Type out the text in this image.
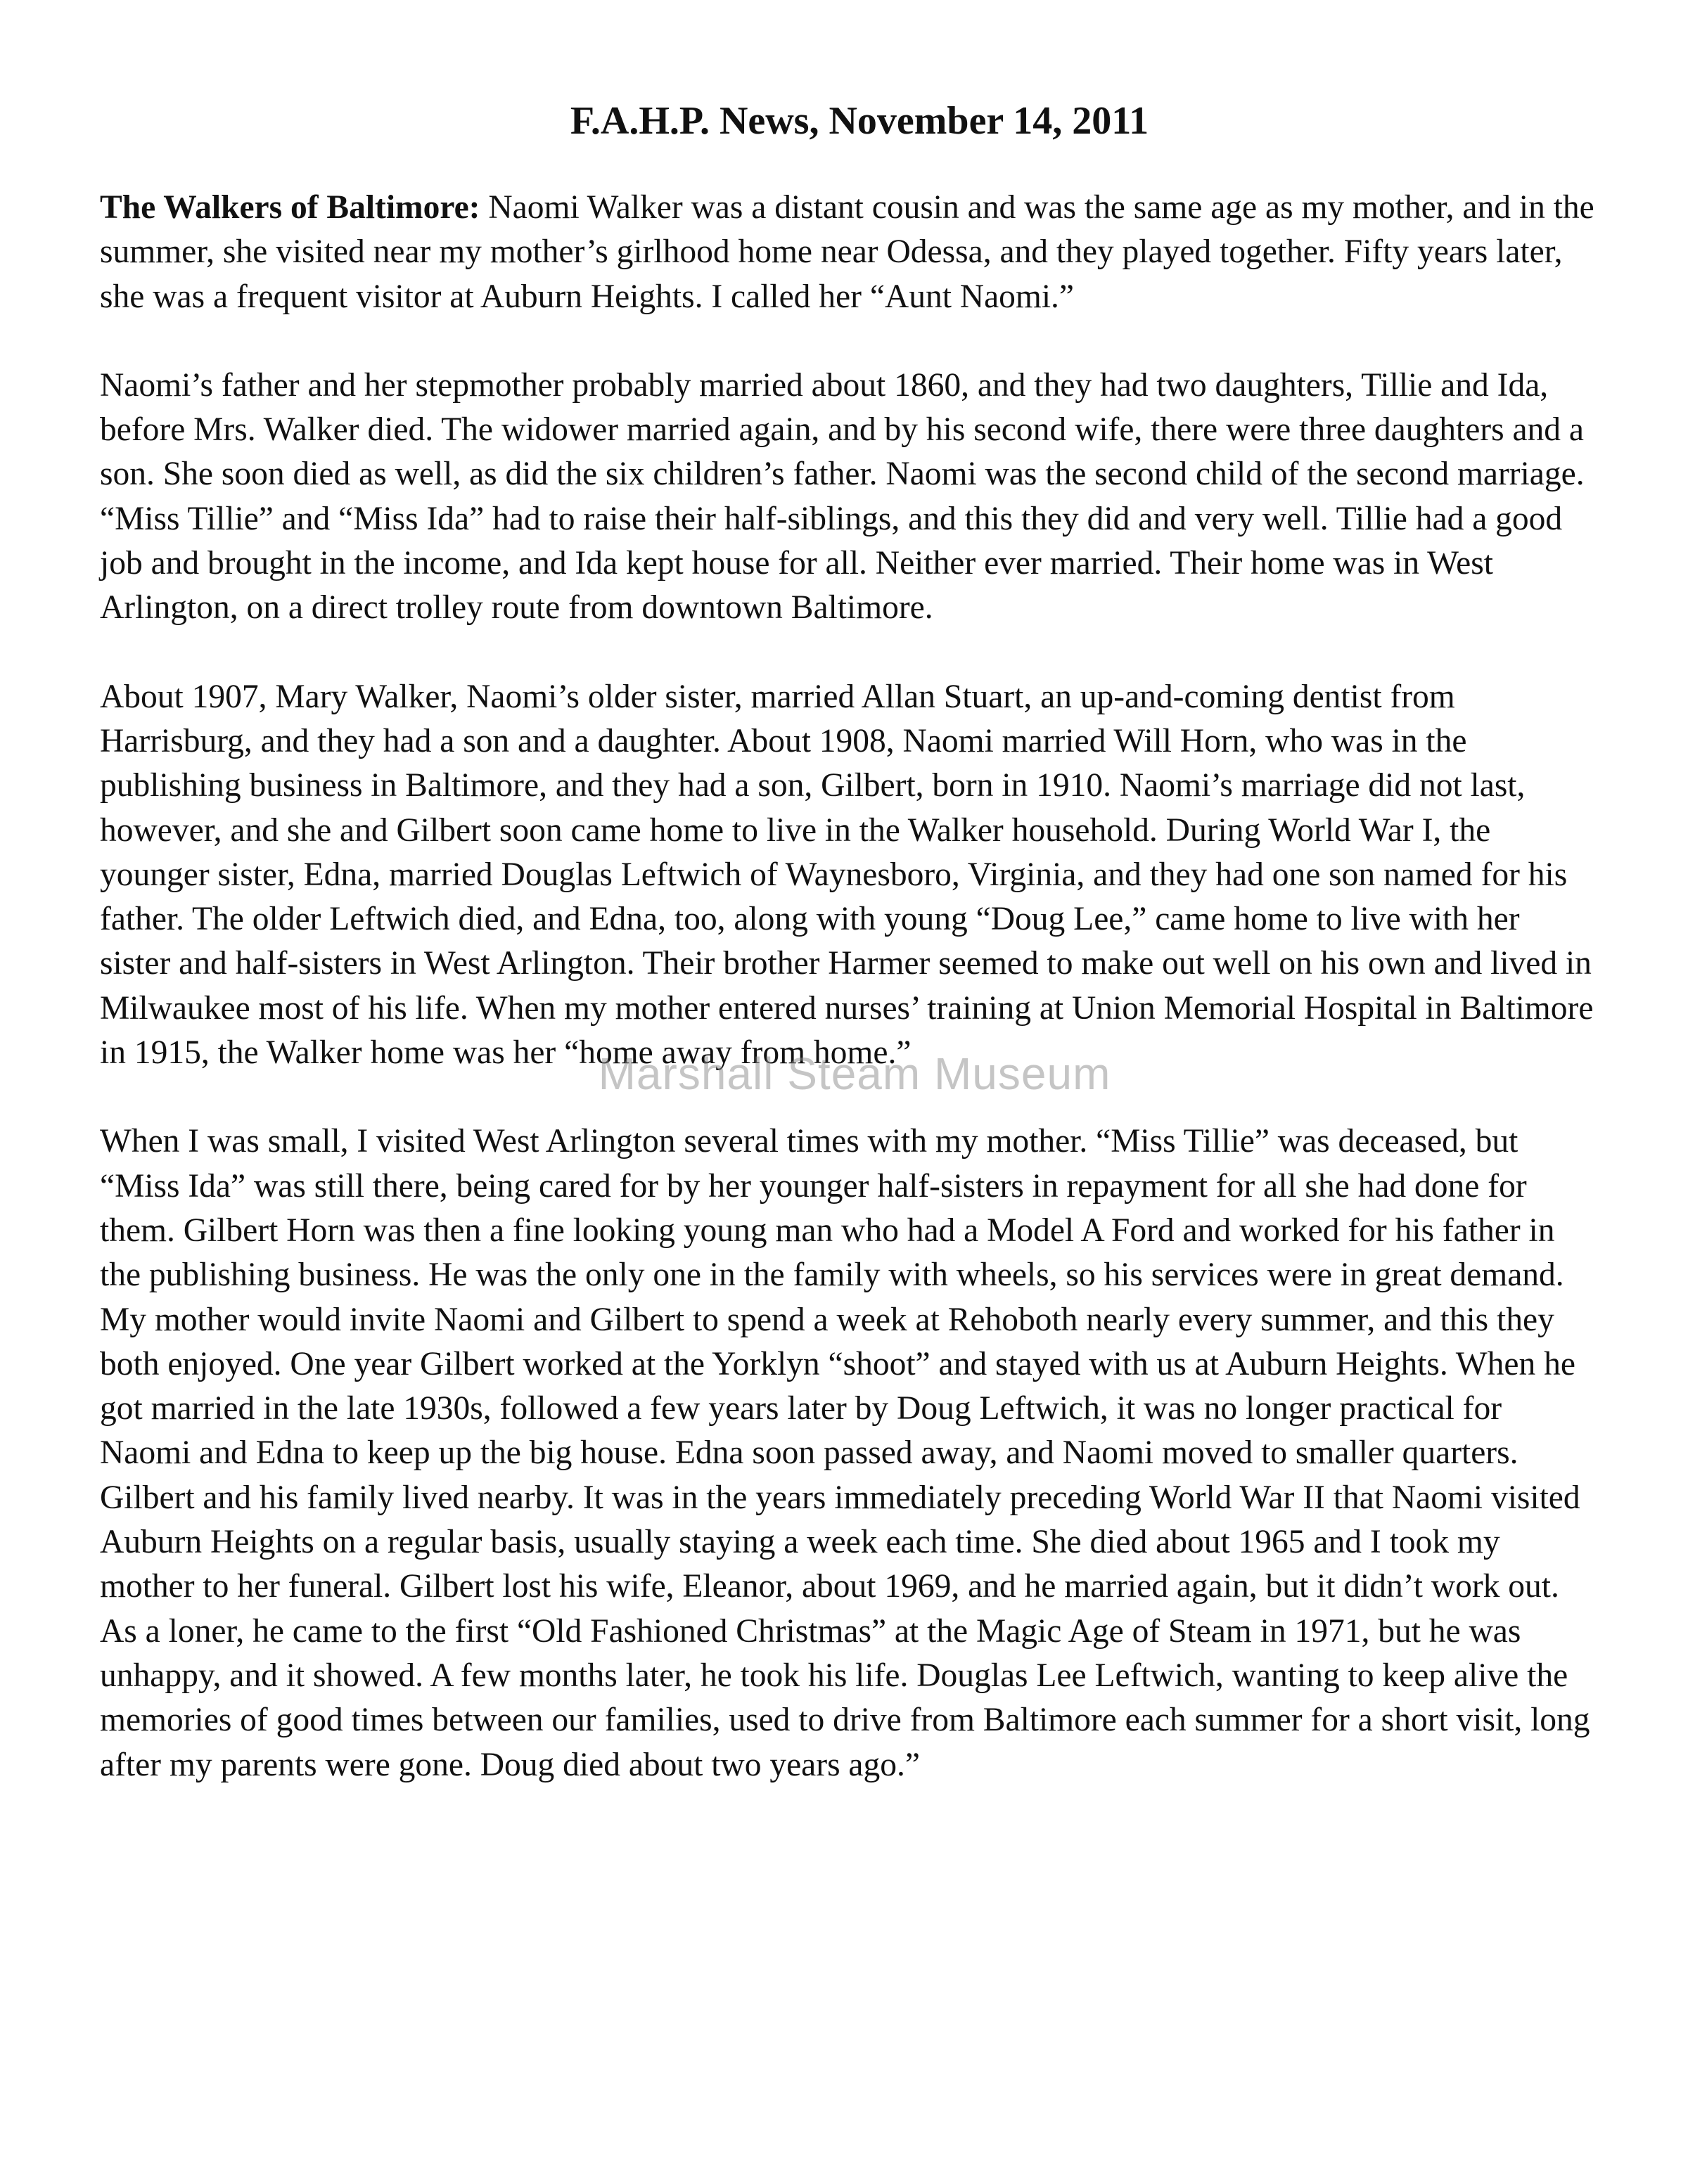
F.A.H.P. News, November 14, 2011

The Walkers of Baltimore: Naomi Walker was a distant cousin and was the same age as my mother, and in the summer, she visited near my mother’s girlhood home near Odessa, and they played together. Fifty years later, she was a frequent visitor at Auburn Heights. I called her “Aunt Naomi.”

Naomi’s father and her stepmother probably married about 1860, and they had two daughters, Tillie and Ida, before Mrs. Walker died. The widower married again, and by his second wife, there were three daughters and a son. She soon died as well, as did the six children’s father. Naomi was the second child of the second marriage. “Miss Tillie” and “Miss Ida” had to raise their half-siblings, and this they did and very well. Tillie had a good job and brought in the income, and Ida kept house for all. Neither ever married. Their home was in West Arlington, on a direct trolley route from downtown Baltimore.

About 1907, Mary Walker, Naomi’s older sister, married Allan Stuart, an up-and-coming dentist from Harrisburg, and they had a son and a daughter. About 1908, Naomi married Will Horn, who was in the publishing business in Baltimore, and they had a son, Gilbert, born in 1910. Naomi’s marriage did not last, however, and she and Gilbert soon came home to live in the Walker household. During World War I, the younger sister, Edna, married Douglas Leftwich of Waynesboro, Virginia, and they had one son named for his father. The older Leftwich died, and Edna, too, along with young “Doug Lee,” came home to live with her sister and half-sisters in West Arlington. Their brother Harmer seemed to make out well on his own and lived in Milwaukee most of his life. When my mother entered nurses’ training at Union Memorial Hospital in Baltimore in 1915, the Walker home was her “home away from home.”

When I was small, I visited West Arlington several times with my mother. “Miss Tillie” was deceased, but “Miss Ida” was still there, being cared for by her younger half-sisters in repayment for all she had done for them. Gilbert Horn was then a fine looking young man who had a Model A Ford and worked for his father in the publishing business. He was the only one in the family with wheels, so his services were in great demand. My mother would invite Naomi and Gilbert to spend a week at Rehoboth nearly every summer, and this they both enjoyed. One year Gilbert worked at the Yorklyn “shoot” and stayed with us at Auburn Heights. When he got married in the late 1930s, followed a few years later by Doug Leftwich, it was no longer practical for Naomi and Edna to keep up the big house. Edna soon passed away, and Naomi moved to smaller quarters. Gilbert and his family lived nearby. It was in the years immediately preceding World War II that Naomi visited Auburn Heights on a regular basis, usually staying a week each time. She died about 1965 and I took my mother to her funeral. Gilbert lost his wife, Eleanor, about 1969, and he married again, but it didn’t work out. As a loner, he came to the first “Old Fashioned Christmas” at the Magic Age of Steam in 1971, but he was unhappy, and it showed. A few months later, he took his life. Douglas Lee Leftwich, wanting to keep alive the memories of good times between our families, used to drive from Baltimore each summer for a short visit, long after my parents were gone. Doug died about two years ago.”

Marshall Steam Museum
